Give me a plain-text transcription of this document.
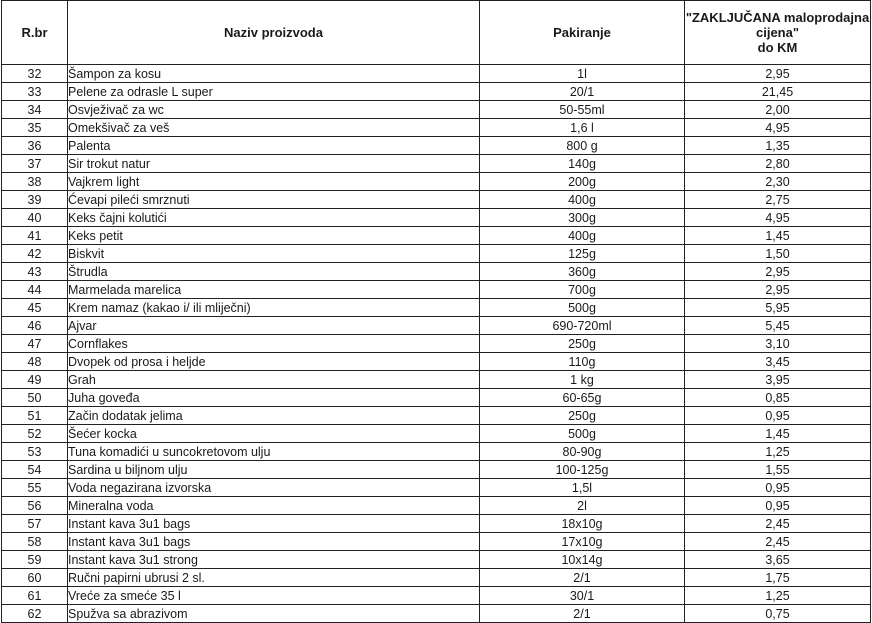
R.br	Naziv proizvoda	Pakiranje	"ZAKLJUČANA maloprodajna
cijena"
do KM
32	Šampon za kosu	1l	2,95
33	Pelene za odrasle L super	20/1	21,45
34	Osvježivač za wc	50-55ml	2,00
35	Omekšivač za veš	1,6 l	4,95
36	Palenta	800 g	1,35
37	Sir trokut natur	140g	2,80
38	Vajkrem light	200g	2,30
39	Ćevapi pileći smrznuti	400g	2,75
40	Keks čajni kolutići	300g	4,95
41	Keks petit	400g	1,45
42	Biskvit	125g	1,50
43	Štrudla	360g	2,95
44	Marmelada marelica	700g	2,95
45	Krem namaz (kakao i/ ili mliječni)	500g	5,95
46	Ajvar	690-720ml	5,45
47	Cornflakes	250g	3,10
48	Dvopek od prosa i heljde	110g	3,45
49	Grah	1 kg	3,95
50	Juha goveđa	60-65g	0,85
51	Začin dodatak jelima	250g	0,95
52	Šećer kocka	500g	1,45
53	Tuna komadići u suncokretovom ulju	80-90g	1,25
54	Sardina u biljnom ulju	100-125g	1,55
55	Voda negazirana izvorska	1,5l	0,95
56	Mineralna voda	2l	0,95
57	Instant kava 3u1 bags	18x10g	2,45
58	Instant kava 3u1 bags	17x10g	2,45
59	Instant kava 3u1 strong	10x14g	3,65
60	Ručni papirni ubrusi 2 sl.	2/1	1,75
61	Vreće za smeće 35 l	30/1	1,25
62	Spužva sa abrazivom	2/1	0,75
